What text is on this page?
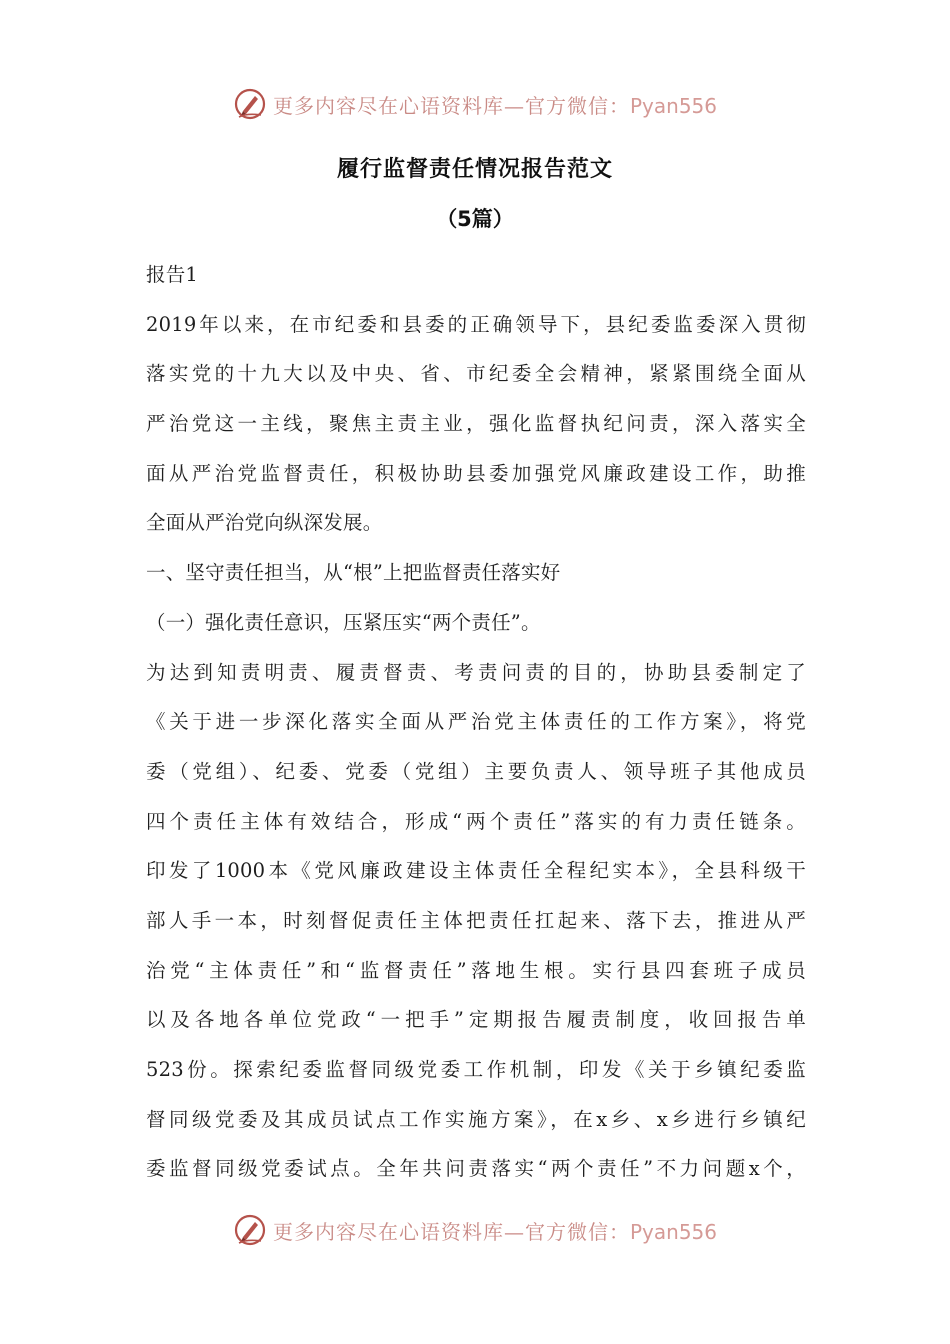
更多内容尽在心语资料库—官方微信：Pyan556
履行监督责任情况报告范文
（5篇）
报告1
2019年以来，在市纪委和县委的正确领导下，县纪委监委深入贯彻
落实党的十九大以及中央、省、市纪委全会精神，紧紧围绕全面从
严治党这一主线，聚焦主责主业，强化监督执纪问责，深入落实全
面从严治党监督责任，积极协助县委加强党风廉政建设工作，助推
全面从严治党向纵深发展。
一、坚守责任担当，从“根”上把监督责任落实好
（一）强化责任意识，压紧压实“两个责任”。
为达到知责明责、履责督责、考责问责的目的，协助县委制定了
《关于进一步深化落实全面从严治党主体责任的工作方案》，将党
委（党组）、纪委、党委（党组）主要负责人、领导班子其他成员
四个责任主体有效结合，形成“两个责任”落实的有力责任链条。
印发了1000本《党风廉政建设主体责任全程纪实本》，全县科级干
部人手一本，时刻督促责任主体把责任扛起来、落下去，推进从严
治党“主体责任”和“监督责任”落地生根。实行县四套班子成员
以及各地各单位党政“一把手”定期报告履责制度，收回报告单
523份。探索纪委监督同级党委工作机制，印发《关于乡镇纪委监
督同级党委及其成员试点工作实施方案》，在x乡、x乡进行乡镇纪
委监督同级党委试点。全年共问责落实“两个责任”不力问题x个，
更多内容尽在心语资料库—官方微信：Pyan556
